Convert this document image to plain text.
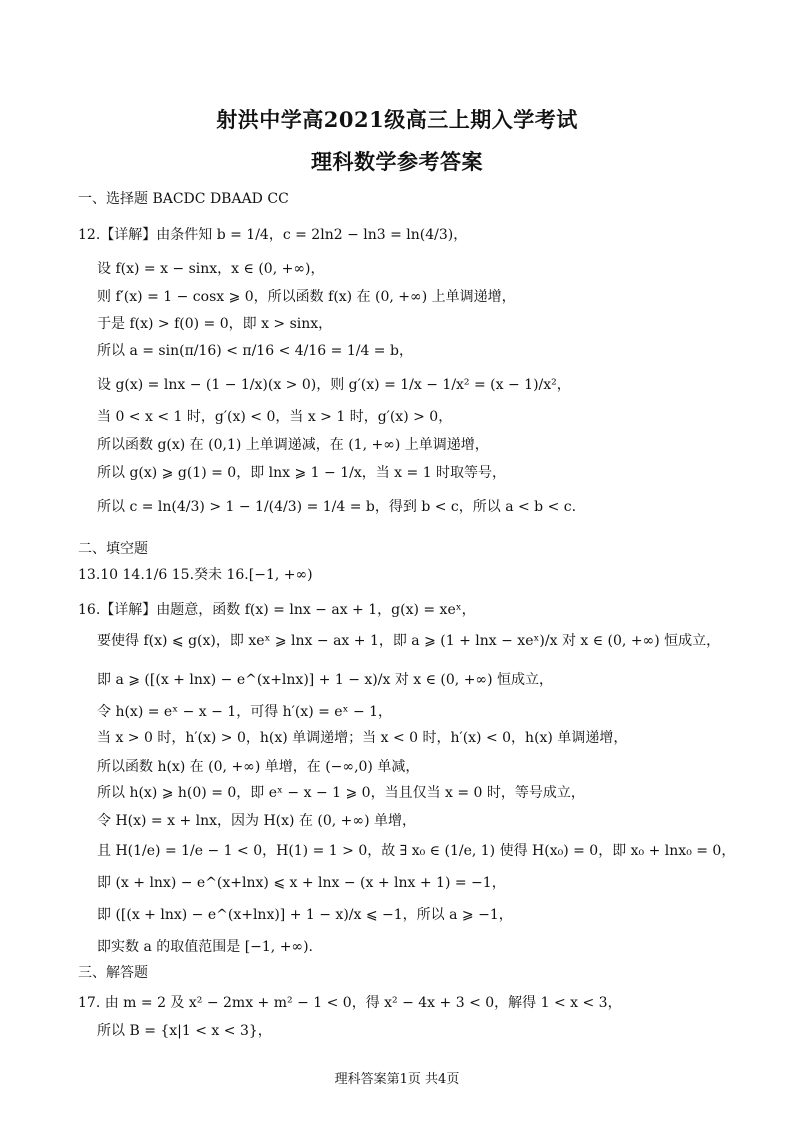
射洪中学高2021级高三上期入学考试
理科数学参考答案
一、选择题 BACDC DBAAD CC
12.【详解】由条件知 b = 1/4，c = 2ln2 − ln3 = ln(4/3)，
设 f(x) = x − sinx，x ∈ (0, +∞)，
则 f′(x) = 1 − cosx ⩾ 0，所以函数 f(x) 在 (0, +∞) 上单调递增，
于是 f(x) > f(0) = 0，即 x > sinx，
所以 a = sin(π/16) < π/16 < 4/16 = 1/4 = b，
设 g(x) = lnx − (1 − 1/x)(x > 0)，则 g′(x) = 1/x − 1/x² = (x − 1)/x²，
当 0 < x < 1 时，g′(x) < 0，当 x > 1 时，g′(x) > 0，
所以函数 g(x) 在 (0,1) 上单调递减，在 (1, +∞) 上单调递增，
所以 g(x) ⩾ g(1) = 0，即 lnx ⩾ 1 − 1/x，当 x = 1 时取等号，
所以 c = ln(4/3) > 1 − 1/(4/3) = 1/4 = b，得到 b < c，所以 a < b < c.
二、填空题
13.10 14.1/6 15.癸未 16.[−1, +∞)
16.【详解】由题意，函数 f(x) = lnx − ax + 1，g(x) = xeˣ，
要使得 f(x) ⩽ g(x)，即 xeˣ ⩾ lnx − ax + 1，即 a ⩾ (1 + lnx − xeˣ)/x 对 x ∈ (0, +∞) 恒成立，
即 a ⩾ ([(x + lnx) − e^(x+lnx)] + 1 − x)/x 对 x ∈ (0, +∞) 恒成立，
令 h(x) = eˣ − x − 1，可得 h′(x) = eˣ − 1，
当 x > 0 时，h′(x) > 0，h(x) 单调递增；当 x < 0 时，h′(x) < 0，h(x) 单调递增，
所以函数 h(x) 在 (0, +∞) 单增，在 (−∞,0) 单减，
所以 h(x) ⩾ h(0) = 0，即 eˣ − x − 1 ⩾ 0，当且仅当 x = 0 时，等号成立，
令 H(x) = x + lnx，因为 H(x) 在 (0, +∞) 单增，
且 H(1/e) = 1/e − 1 < 0，H(1) = 1 > 0，故 ∃ x₀ ∈ (1/e, 1) 使得 H(x₀) = 0，即 x₀ + lnx₀ = 0，
即 (x + lnx) − e^(x+lnx) ⩽ x + lnx − (x + lnx + 1) = −1，
即 ([(x + lnx) − e^(x+lnx)] + 1 − x)/x ⩽ −1，所以 a ⩾ −1，
即实数 a 的取值范围是 [−1, +∞).
三、解答题
17. 由 m = 2 及 x² − 2mx + m² − 1 < 0，得 x² − 4x + 3 < 0，解得 1 < x < 3，
所以 B = {x|1 < x < 3}，
理科答案第1页 共4页
